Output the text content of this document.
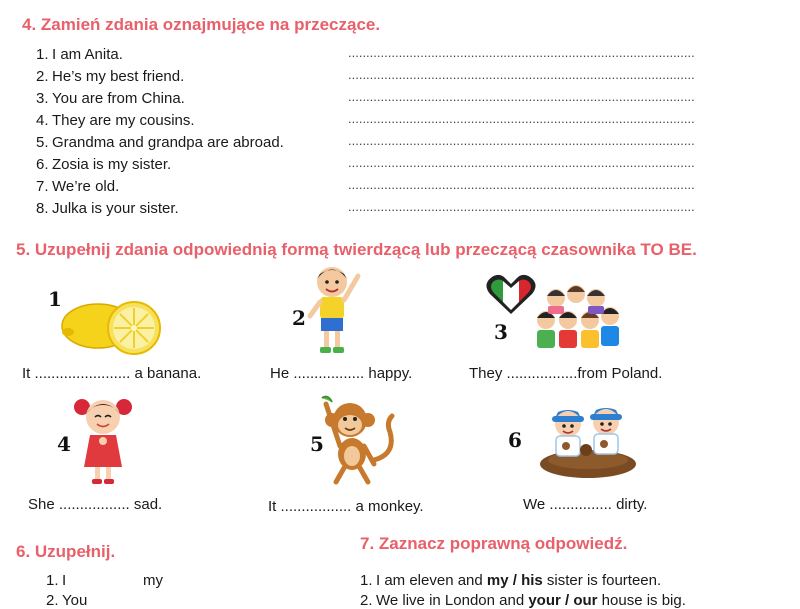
4. Zamień zdania oznajmujące na przeczące.
1. I am Anita.	................................................................................................
2. He’s my best friend.	................................................................................................
3. You are from China.	................................................................................................
4. They are my cousins.	................................................................................................
5. Grandma and grandpa are abroad.	................................................................................................
6. Zosia is my sister.	................................................................................................
7. We’re old.	................................................................................................
8. Julka is your sister.	................................................................................................
5. Uzupełnij zdania odpowiednią formą twierdzącą lub przeczącą czasownika TO BE.
1
It ....................... a banana.
2
He ................. happy.
3
They .................from Poland.
4
She ................. sad.
5
It ................. a monkey.
6
We ............... dirty.
6. Uzupełnij.
1. I	my
2. You
7. Zaznacz poprawną odpowiedź.
1. I am eleven and my / his sister is fourteen.
2. We live in London and your / our house is big.
